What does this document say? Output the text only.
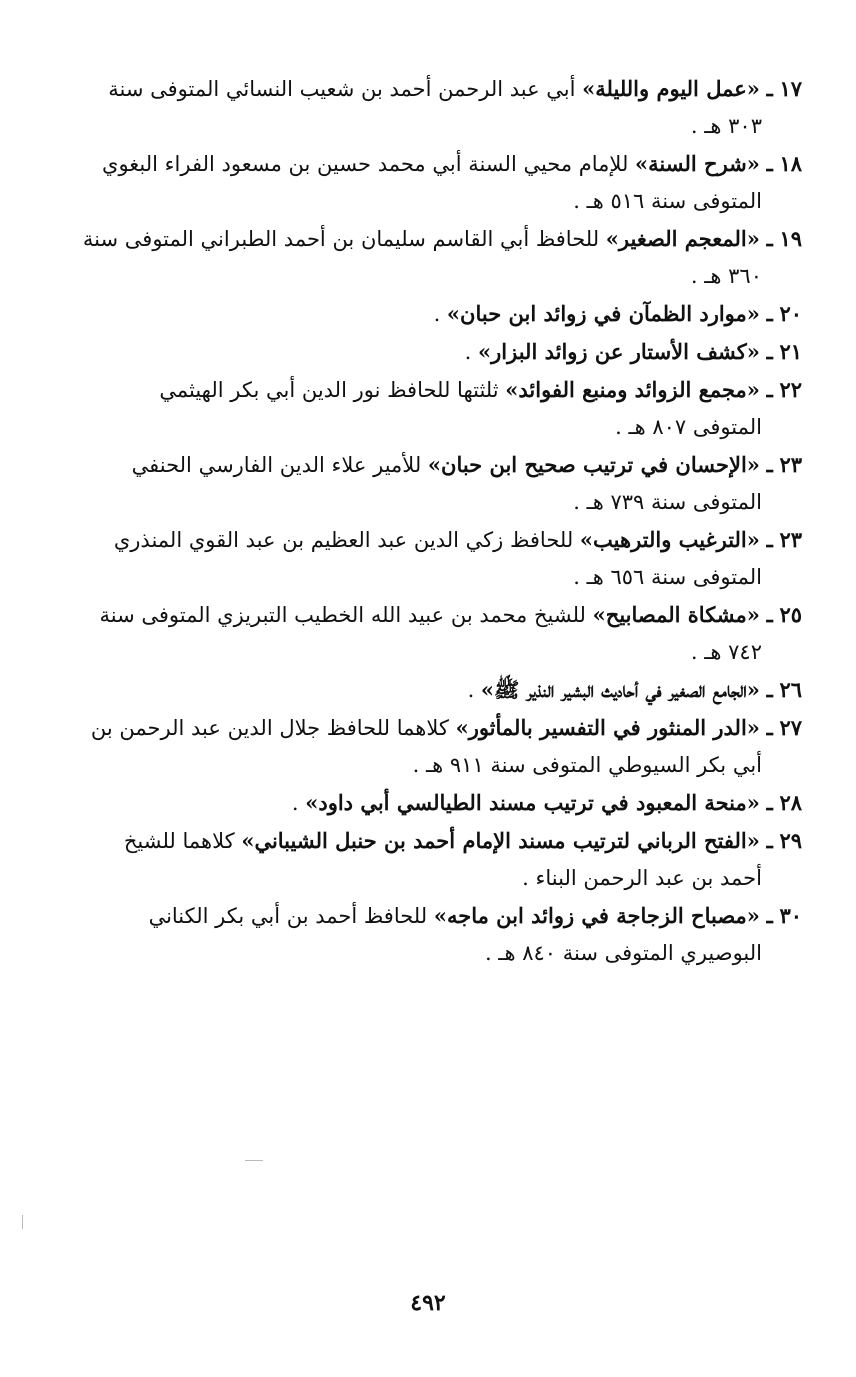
١٧ ـ «عمل اليوم والليلة» أبي عبد الرحمن أحمد بن شعيب النسائي المتوفى سنة
٣٠٣ هـ .

١٨ ـ «شرح السنة» للإمام محيي السنة أبي محمد حسين بن مسعود الفراء البغوي
المتوفى سنة ٥١٦ هـ .

١٩ ـ «المعجم الصغير» للحافظ أبي القاسم سليمان بن أحمد الطبراني المتوفى سنة
٣٦٠ هـ .

٢٠ ـ «موارد الظمآن في زوائد ابن حبان» .

٢١ ـ «كشف الأستار عن زوائد البزار» .

٢٢ ـ «مجمع الزوائد ومنبع الفوائد» ثلثتها للحافظ نور الدين أبي بكر الهيثمي
المتوفى ٨٠٧ هـ .

٢٣ ـ «الإحسان في ترتيب صحيح ابن حبان» للأمير علاء الدين الفارسي الحنفي
المتوفى سنة ٧٣٩ هـ .

٢٣ ـ «الترغيب والترهيب» للحافظ زكي الدين عبد العظيم بن عبد القوي المنذري
المتوفى سنة ٦٥٦ هـ .

٢٥ ـ «مشكاة المصابيح» للشيخ محمد بن عبيد الله الخطيب التبريزي المتوفى سنة
٧٤٢ هـ .

٢٦ ـ «الجامع الصغير في أحاديث البشير النذير ﷺ» .

٢٧ ـ «الدر المنثور في التفسير بالمأثور» كلاهما للحافظ جلال الدين عبد الرحمن بن
أبي بكر السيوطي المتوفى سنة ٩١١ هـ .

٢٨ ـ «منحة المعبود في ترتيب مسند الطيالسي أبي داود» .

٢٩ ـ «الفتح الرباني لترتيب مسند الإمام أحمد بن حنبل الشيباني» كلاهما للشيخ
أحمد بن عبد الرحمن البناء .

٣٠ ـ «مصباح الزجاجة في زوائد ابن ماجه» للحافظ أحمد بن أبي بكر الكناني
البوصيري المتوفى سنة ٨٤٠ هـ .

٤٩٢
